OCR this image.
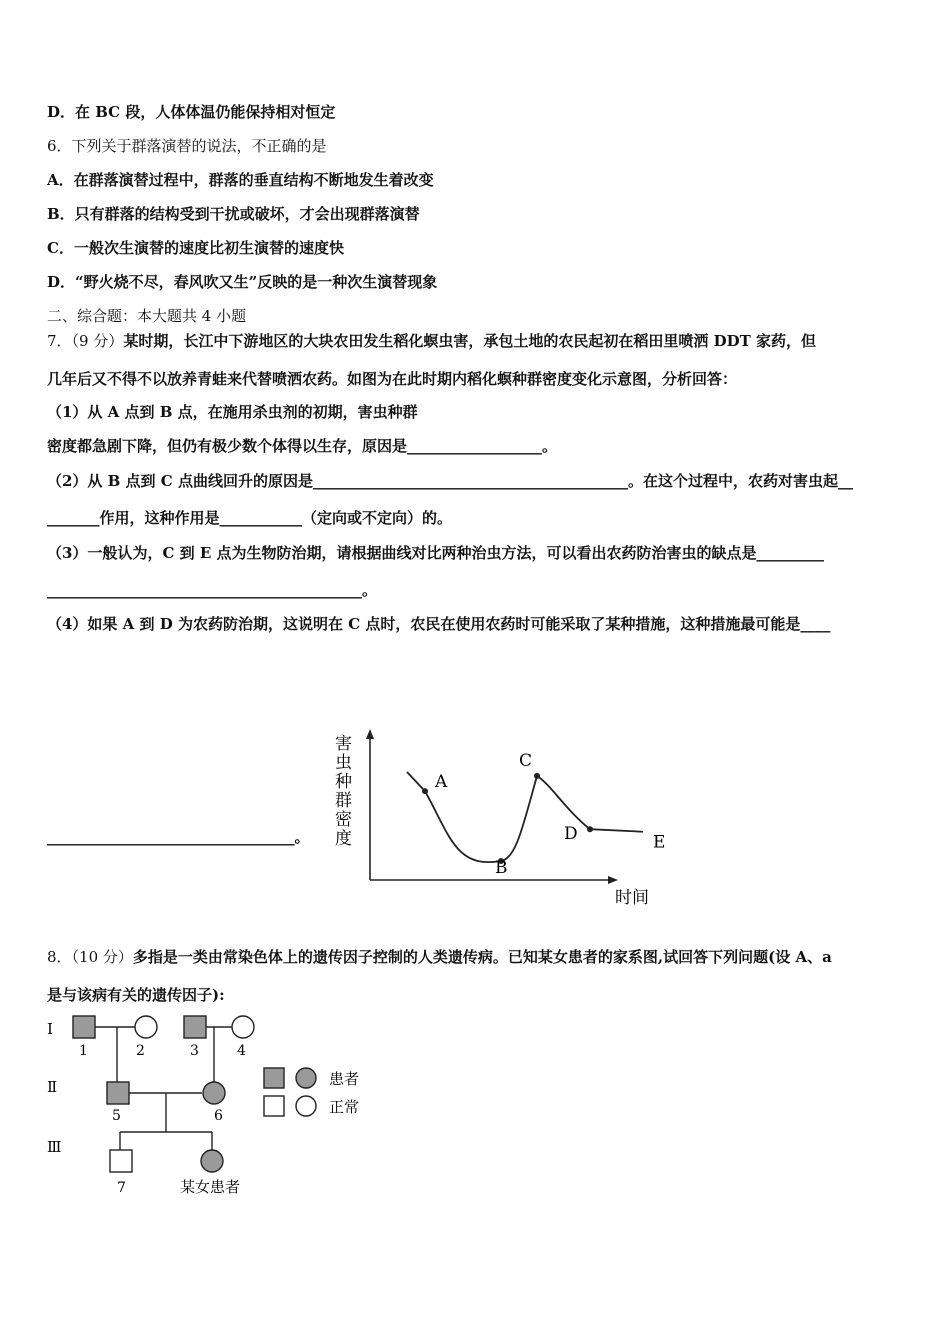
D．在 BC 段，人体体温仍能保持相对恒定
6．下列关于群落演替的说法，不正确的是
A．在群落演替过程中，群落的垂直结构不断地发生着改变
B．只有群落的结构受到干扰或破坏，才会出现群落演替
C．一般次生演替的速度比初生演替的速度快
D．“野火烧不尽，春风吹又生”反映的是一种次生演替现象
二、综合题：本大题共 4 小题
7．（9 分）某时期，长江中下游地区的大块农田发生稻化螟虫害，承包土地的农民起初在稻田里喷洒 DDT 家药，但
几年后又不得不以放养青蛙来代替喷洒农药。如图为在此时期内稻化螟种群密度变化示意图，分析回答：
（1）从 A 点到 B 点，在施用杀虫剂的初期，害虫种群
密度都急剧下降，但仍有极少数个体得以生存，原因是__________________。
（2）从 B 点到 C 点曲线回升的原因是__________________________________________。在这个过程中，农药对害虫起__
_______作用，这种作用是___________（定向或不定向）的。
（3）一般认为，C 到 E 点为生物防治期，请根据曲线对比两种治虫方法，可以看出农药防治害虫的缺点是_________
__________________________________________。
（4）如果 A 到 D 为农药防治期，这说明在 C 点时，农民在使用农药时可能采取了某种措施，这种措施最可能是____
_________________________________。
害
虫
种
群
密
度
时间
A
B
C
D	E
8．（10 分）多指是一类由常染色体上的遗传因子控制的人类遗传病。已知某女患者的家系图,试回答下列问题(设 A、a
是与该病有关的遗传因子):
Ⅰ
Ⅱ
Ⅲ
1	2	3	4
5	6
7	某女患者
患者
正常
